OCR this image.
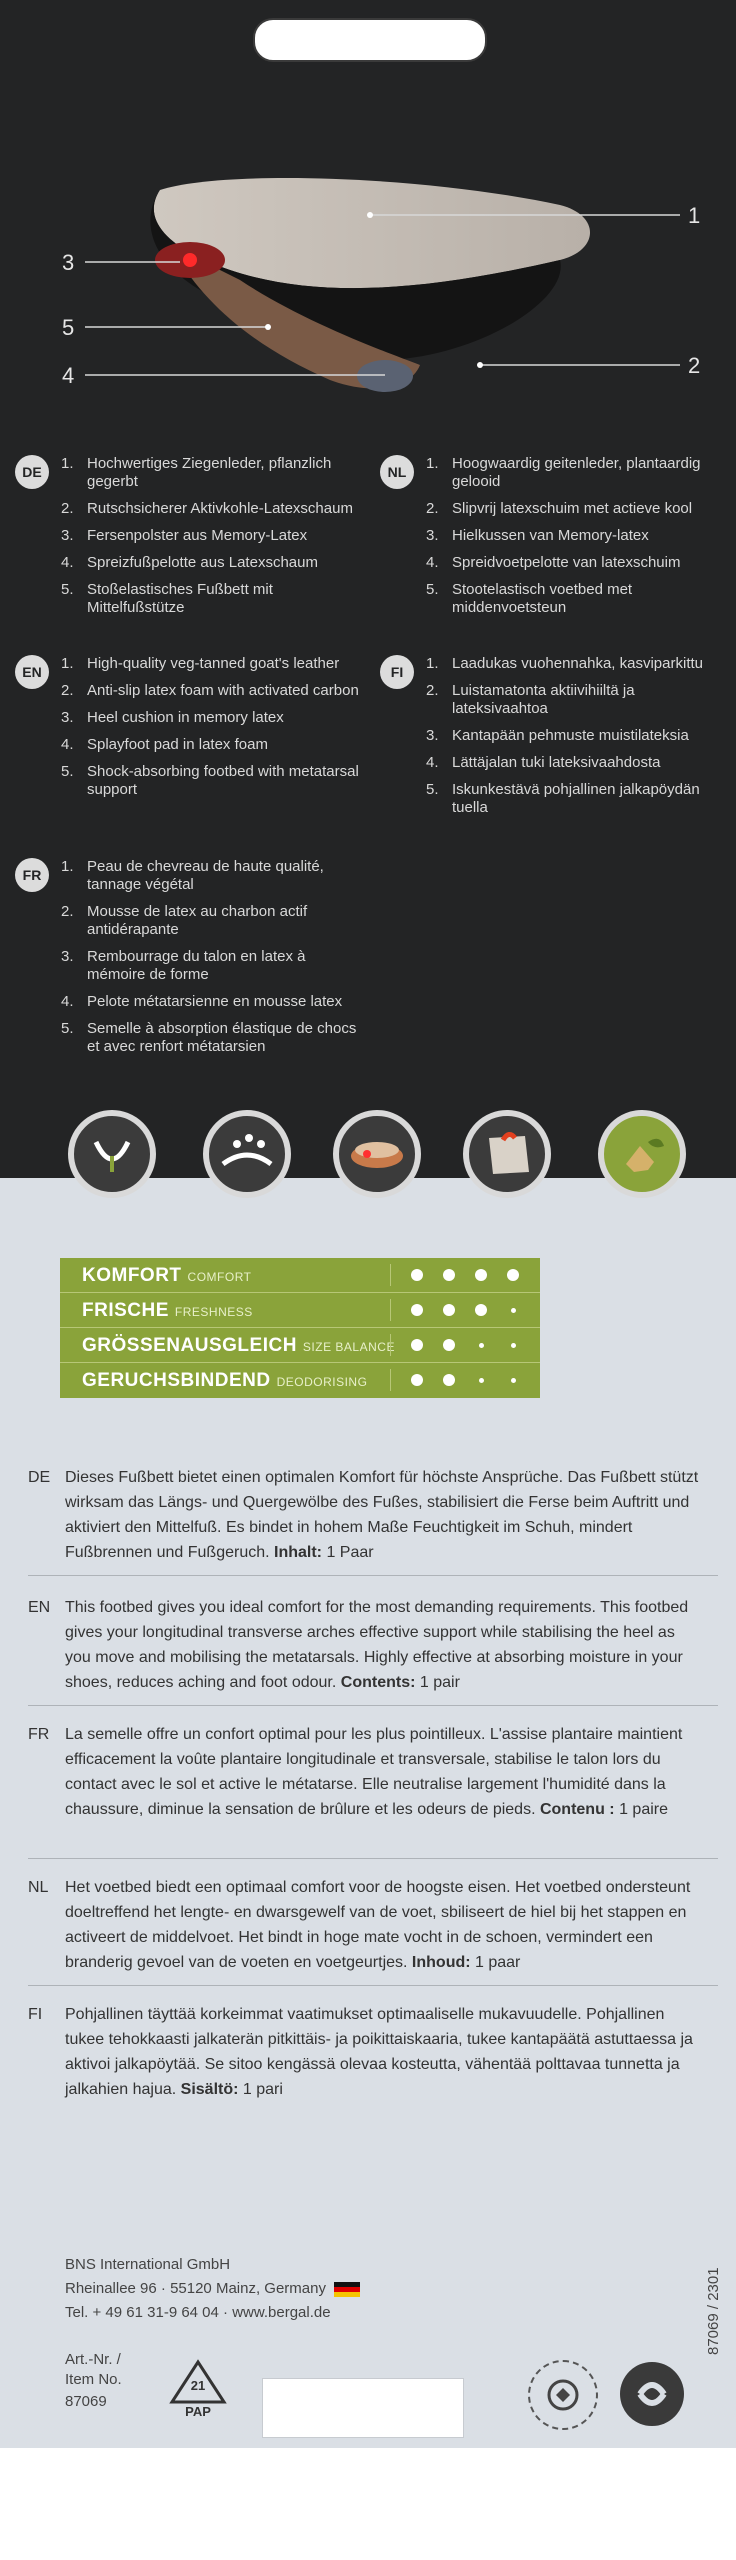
1
2
3
5
4
DE	1. Hochwertiges Ziegenleder, pflanzlich gegerbt
2. Rutschsicherer Aktivkohle-Latexschaum
3. Fersenpolster aus Memory-Latex
4. Spreizfußpelotte aus Latexschaum
5. Stoßelastisches Fußbett mit Mittelfußstütze
EN	1. High-quality veg-tanned goat's leather
2. Anti-slip latex foam with activated carbon
3. Heel cushion in memory latex
4. Splayfoot pad in latex foam
5. Shock-absorbing footbed with metatarsal support
FR	1. Peau de chevreau de haute qualité, tannage végétal
2. Mousse de latex au charbon actif antidérapante
3. Rembourrage du talon en latex à mémoire de forme
4. Pelote métatarsienne en mousse latex
5. Semelle à absorption élastique de chocs et avec renfort métatarsien
NL	1. Hoogwaardig geitenleder, plantaardig gelooid
2. Slipvrij latexschuim met actieve kool
3. Hielkussen van Memory-latex
4. Spreidvoetpelotte van latexschuim
5. Stootelastisch voetbed met middenvoetsteun
FI	1. Laadukas vuohennahka, kasviparkittu
2. Luistamatonta aktiivihiiltä ja lateksivaahtoa
3. Kantapään pehmuste muistilateksia
4. Lättäjalan tuki lateksivaahdosta
5. Iskunkestävä pohjallinen jalkapöydän tuella
KOMFORT COMFORT
FRISCHE FRESHNESS
GRÖSSENAUSGLEICH SIZE BALANCE
GERUCHSBINDEND DEODORISING
DE Dieses Fußbett bietet einen optimalen Komfort für höchste Ansprüche. Das Fußbett stützt wirksam das Längs- und Quergewölbe des Fußes, stabilisiert die Ferse beim Auftritt und aktiviert den Mittelfuß. Es bindet in hohem Maße Feuchtigkeit im Schuh, mindert Fußbrennen und Fußgeruch. Inhalt: 1 Paar
EN This footbed gives you ideal comfort for the most demanding requirements. This footbed gives your longitudinal transverse arches effective support while stabilising the heel as you move and mobilising the metatarsals. Highly effective at absorbing moisture in your shoes, reduces aching and foot odour. Contents: 1 pair
FR La semelle offre un confort optimal pour les plus pointilleux. L'assise plantaire maintient efficacement la voûte plantaire longitudinale et transversale, stabilise le talon lors du contact avec le sol et active le métatarse. Elle neutralise largement l'humidité dans la chaussure, diminue la sensation de brûlure et les odeurs de pieds. Contenu : 1 paire
NL Het voetbed biedt een optimaal comfort voor de hoogste eisen. Het voetbed ondersteunt doeltreffend het lengte- en dwarsgewelf van de voet, sbiliseert de hiel bij het stappen en activeert de middelvoet. Het bindt in hoge mate vocht in de schoen, vermindert een branderig gevoel van de voeten en voetgeurtjes. Inhoud: 1 paar
FI Pohjallinen täyttää korkeimmat vaatimukset optimaaliselle mukavuudelle. Pohjallinen tukee tehokkaasti jalkaterän pitkittäis- ja poikittaiskaaria, tukee kantapäätä astuttaessa ja aktivoi jalkapöytää. Se sitoo kengässä olevaa kosteutta, vähentää polttavaa tunnetta ja jalkahien hajua. Sisältö: 1 pari
BNS International GmbH
Rheinallee 96 · 55120 Mainz, Germany
Tel. + 49 61 31-9 64 04 · www.bergal.de
Art.-Nr. /
Item No.
87069
21
PAP
87069 / 2301
